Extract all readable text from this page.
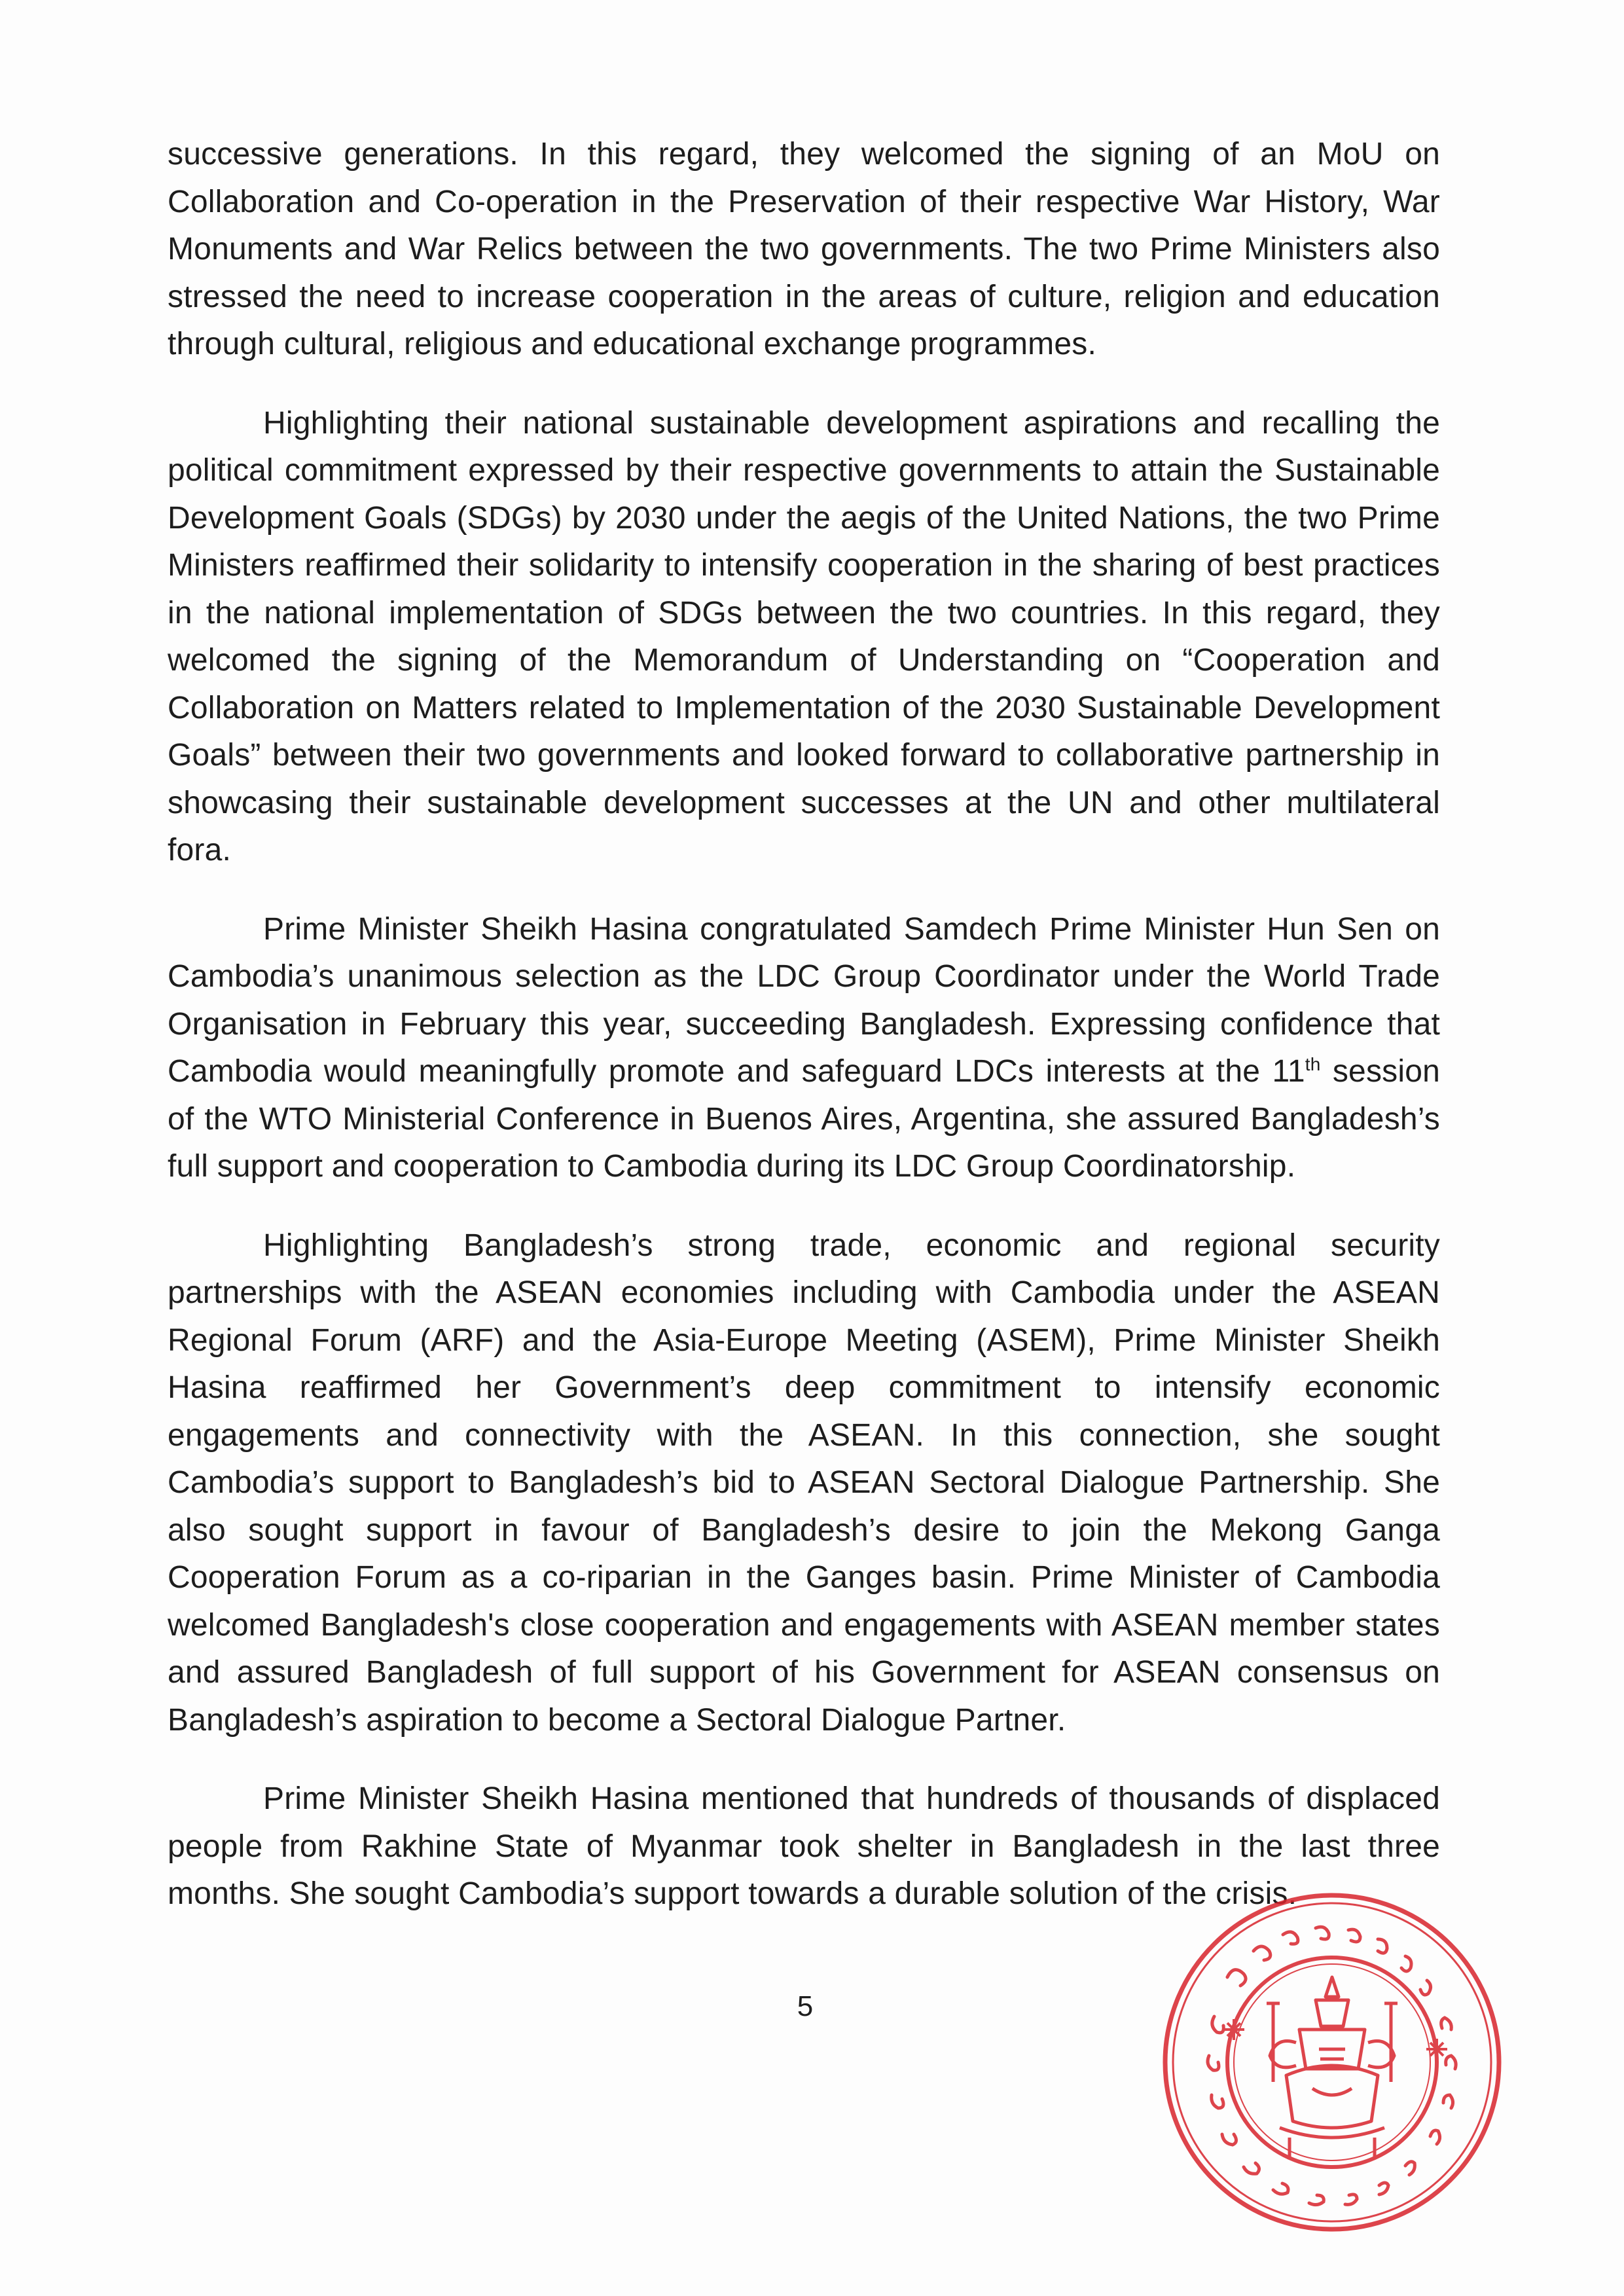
successive generations. In this regard, they welcomed the signing of an MoU on Collaboration and Co-operation in the Preservation of their respective War History, War Monuments and War Relics between the two governments. The two Prime Ministers also stressed the need to increase cooperation in the areas of culture, religion and education through cultural, religious and educational exchange programmes.

Highlighting their national sustainable development aspirations and recalling the political commitment expressed by their respective governments to attain the Sustainable Development Goals (SDGs) by 2030 under the aegis of the United Nations, the two Prime Ministers reaffirmed their solidarity to intensify cooperation in the sharing of best practices in the national implementation of SDGs between the two countries. In this regard, they welcomed the signing of the Memorandum of Understanding on “Cooperation and Collaboration on Matters related to Implementation of the 2030 Sustainable Development Goals” between their two governments and looked forward to collaborative partnership in showcasing their sustainable development successes at the UN and other multilateral fora.

Prime Minister Sheikh Hasina congratulated Samdech Prime Minister Hun Sen on Cambodia’s unanimous selection as the LDC Group Coordinator under the World Trade Organisation in February this year, succeeding Bangladesh. Expressing confidence that Cambodia would meaningfully promote and safeguard LDCs interests at the 11th session of the WTO Ministerial Conference in Buenos Aires, Argentina, she assured Bangladesh’s full support and cooperation to Cambodia during its LDC Group Coordinatorship.

Highlighting Bangladesh’s strong trade, economic and regional security partnerships with the ASEAN economies including with Cambodia under the ASEAN Regional Forum (ARF) and the Asia-Europe Meeting (ASEM), Prime Minister Sheikh Hasina reaffirmed her Government’s deep commitment to intensify economic engagements and connectivity with the ASEAN. In this connection, she sought Cambodia’s support to Bangladesh’s bid to ASEAN Sectoral Dialogue Partnership. She also sought support in favour of Bangladesh’s desire to join the Mekong Ganga Cooperation Forum as a co-riparian in the Ganges basin. Prime Minister of Cambodia welcomed Bangladesh's close cooperation and engagements with ASEAN member states and assured Bangladesh of full support of his Government for ASEAN consensus on Bangladesh’s aspiration to become a Sectoral Dialogue Partner.

Prime Minister Sheikh Hasina mentioned that hundreds of thousands of displaced people from Rakhine State of Myanmar took shelter in Bangladesh in the last three months. She sought Cambodia’s support towards a durable solution of the crisis.

5
